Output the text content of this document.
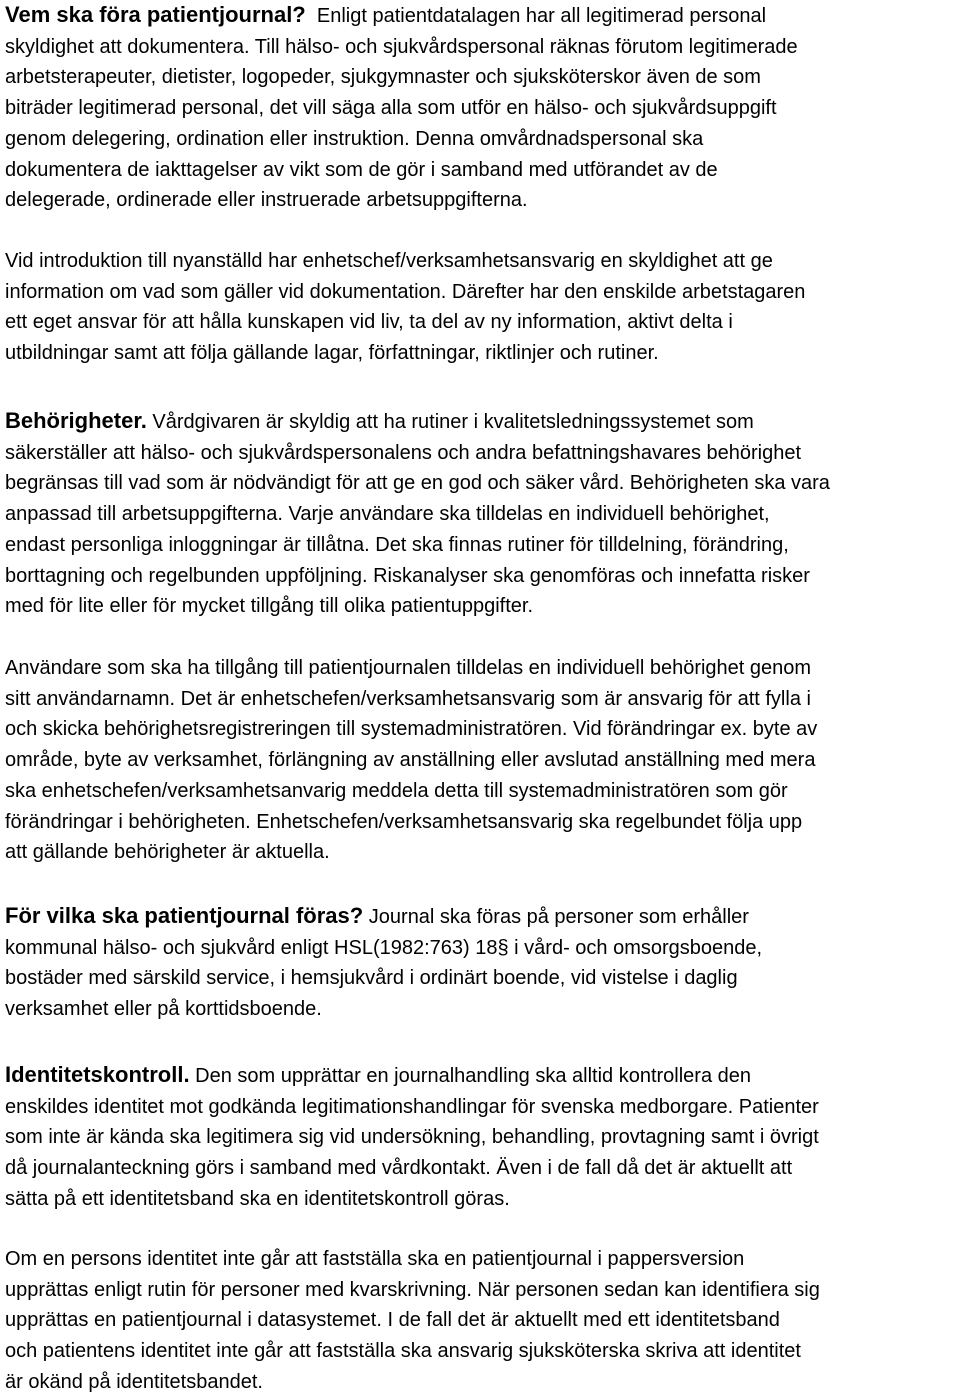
Vem ska föra patientjournal? Enligt patientdatalagen har all legitimerad personal
skyldighet att dokumentera. Till hälso- och sjukvårdspersonal räknas förutom legitimerade
arbetsterapeuter, dietister, logopeder, sjukgymnaster och sjuksköterskor även de som
biträder legitimerad personal, det vill säga alla som utför en hälso- och sjukvårdsuppgift
genom delegering, ordination eller instruktion. Denna omvårdnadspersonal ska
dokumentera de iakttagelser av vikt som de gör i samband med utförandet av de
delegerade, ordinerade eller instruerade arbetsuppgifterna.
Vid introduktion till nyanställd har enhetschef/verksamhetsansvarig en skyldighet att ge
information om vad som gäller vid dokumentation. Därefter har den enskilde arbetstagaren
ett eget ansvar för att hålla kunskapen vid liv, ta del av ny information, aktivt delta i
utbildningar samt att följa gällande lagar, författningar, riktlinjer och rutiner.
Behörigheter. Vårdgivaren är skyldig att ha rutiner i kvalitetsledningssystemet som
säkerställer att hälso- och sjukvårdspersonalens och andra befattningshavares behörighet
begränsas till vad som är nödvändigt för att ge en god och säker vård. Behörigheten ska vara
anpassad till arbetsuppgifterna. Varje användare ska tilldelas en individuell behörighet,
endast personliga inloggningar är tillåtna. Det ska finnas rutiner för tilldelning, förändring,
borttagning och regelbunden uppföljning. Riskanalyser ska genomföras och innefatta risker
med för lite eller för mycket tillgång till olika patientuppgifter.
Användare som ska ha tillgång till patientjournalen tilldelas en individuell behörighet genom
sitt användarnamn. Det är enhetschefen/verksamhetsansvarig som är ansvarig för att fylla i
och skicka behörighetsregistreringen till systemadministratören. Vid förändringar ex. byte av
område, byte av verksamhet, förlängning av anställning eller avslutad anställning med mera
ska enhetschefen/verksamhetsanvarig meddela detta till systemadministratören som gör
förändringar i behörigheten. Enhetschefen/verksamhetsansvarig ska regelbundet följa upp
att gällande behörigheter är aktuella.
För vilka ska patientjournal föras? Journal ska föras på personer som erhåller
kommunal hälso- och sjukvård enligt HSL(1982:763) 18§ i vård- och omsorgsboende,
bostäder med särskild service, i hemsjukvård i ordinärt boende, vid vistelse i daglig
verksamhet eller på korttidsboende.
Identitetskontroll. Den som upprättar en journalhandling ska alltid kontrollera den
enskildes identitet mot godkända legitimationshandlingar för svenska medborgare. Patienter
som inte är kända ska legitimera sig vid undersökning, behandling, provtagning samt i övrigt
då journalanteckning görs i samband med vårdkontakt. Även i de fall då det är aktuellt att
sätta på ett identitetsband ska en identitetskontroll göras.
Om en persons identitet inte går att fastställa ska en patientjournal i pappersversion
upprättas enligt rutin för personer med kvarskrivning. När personen sedan kan identifiera sig
upprättas en patientjournal i datasystemet. I de fall det är aktuellt med ett identitetsband
och patientens identitet inte går att fastställa ska ansvarig sjuksköterska skriva att identitet
är okänd på identitetsbandet.
